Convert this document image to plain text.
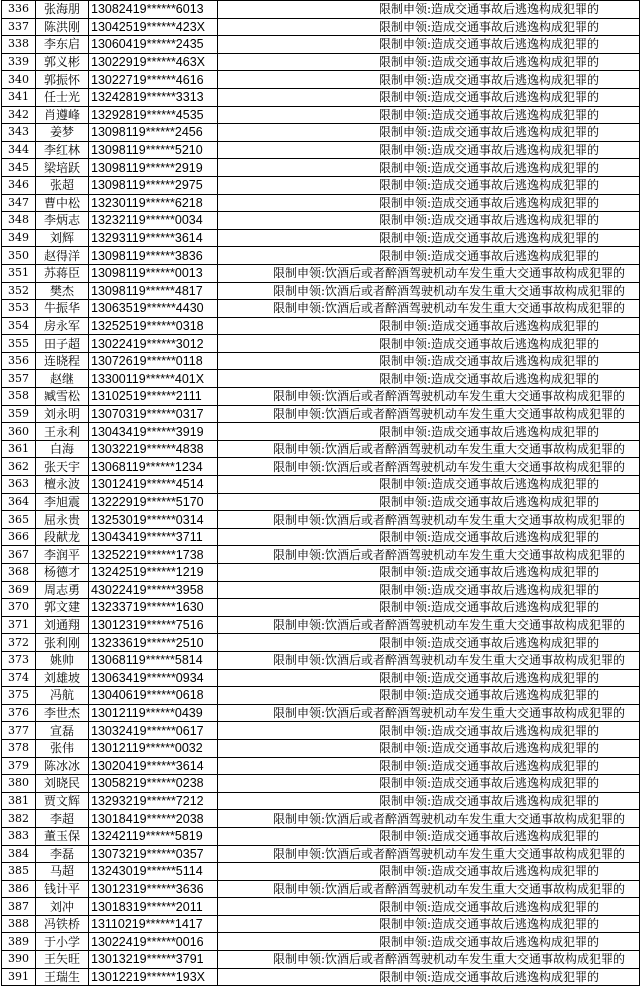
336	张海朋	13082419******6013	限制申领:造成交通事故后逃逸构成犯罪的
337	陈洪刚	13042519******423X	限制申领:造成交通事故后逃逸构成犯罪的
338	李东启	13060419******2435	限制申领:造成交通事故后逃逸构成犯罪的
339	郭义彬	13022919******463X	限制申领:造成交通事故后逃逸构成犯罪的
340	郭振怀	13022719******4616	限制申领:造成交通事故后逃逸构成犯罪的
341	任士光	13242819******3313	限制申领:造成交通事故后逃逸构成犯罪的
342	肖遵峰	13292819******4535	限制申领:造成交通事故后逃逸构成犯罪的
343	姜梦	13098119******2456	限制申领:造成交通事故后逃逸构成犯罪的
344	李红林	13098119******5210	限制申领:造成交通事故后逃逸构成犯罪的
345	梁培跃	13098119******2919	限制申领:造成交通事故后逃逸构成犯罪的
346	张超	13098119******2975	限制申领:造成交通事故后逃逸构成犯罪的
347	曹中松	13230119******6218	限制申领:造成交通事故后逃逸构成犯罪的
348	李炳志	13232119******0034	限制申领:造成交通事故后逃逸构成犯罪的
349	刘辉	13293119******3614	限制申领:造成交通事故后逃逸构成犯罪的
350	赵得洋	13098119******3836	限制申领:造成交通事故后逃逸构成犯罪的
351	苏蒋臣	13098119******0013	限制申领:饮酒后或者醉酒驾驶机动车发生重大交通事故构成犯罪的
352	樊杰	13098119******4817	限制申领:饮酒后或者醉酒驾驶机动车发生重大交通事故构成犯罪的
353	牛振华	13063519******4430	限制申领:饮酒后或者醉酒驾驶机动车发生重大交通事故构成犯罪的
354	房永军	13252519******0318	限制申领:造成交通事故后逃逸构成犯罪的
355	田子超	13022419******3012	限制申领:造成交通事故后逃逸构成犯罪的
356	连晓程	13072619******0118	限制申领:造成交通事故后逃逸构成犯罪的
357	赵继	13300119******401X	限制申领:造成交通事故后逃逸构成犯罪的
358	臧雪松	13102519******2111	限制申领:饮酒后或者醉酒驾驶机动车发生重大交通事故构成犯罪的
359	刘永明	13070319******0317	限制申领:饮酒后或者醉酒驾驶机动车发生重大交通事故构成犯罪的
360	王永利	13043419******3919	限制申领:造成交通事故后逃逸构成犯罪的
361	白海	13032219******4838	限制申领:饮酒后或者醉酒驾驶机动车发生重大交通事故构成犯罪的
362	张天宇	13068119******1234	限制申领:饮酒后或者醉酒驾驶机动车发生重大交通事故构成犯罪的
363	檀永波	13012419******4514	限制申领:造成交通事故后逃逸构成犯罪的
364	李旭震	13222919******5170	限制申领:造成交通事故后逃逸构成犯罪的
365	屈永贵	13253019******0314	限制申领:饮酒后或者醉酒驾驶机动车发生重大交通事故构成犯罪的
366	段献龙	13043419******3711	限制申领:造成交通事故后逃逸构成犯罪的
367	李润平	13252219******1738	限制申领:饮酒后或者醉酒驾驶机动车发生重大交通事故构成犯罪的
368	杨德才	13242519******1219	限制申领:造成交通事故后逃逸构成犯罪的
369	周志勇	43022419******3958	限制申领:造成交通事故后逃逸构成犯罪的
370	郭文建	13233719******1630	限制申领:造成交通事故后逃逸构成犯罪的
371	刘通翔	13012319******7516	限制申领:饮酒后或者醉酒驾驶机动车发生重大交通事故构成犯罪的
372	张利刚	13233619******2510	限制申领:造成交通事故后逃逸构成犯罪的
373	姚帅	13068119******5814	限制申领:饮酒后或者醉酒驾驶机动车发生重大交通事故构成犯罪的
374	刘雄坡	13063419******0934	限制申领:造成交通事故后逃逸构成犯罪的
375	冯航	13040619******0618	限制申领:造成交通事故后逃逸构成犯罪的
376	李世杰	13012119******0439	限制申领:饮酒后或者醉酒驾驶机动车发生重大交通事故构成犯罪的
377	宣磊	13032419******0617	限制申领:造成交通事故后逃逸构成犯罪的
378	张伟	13012119******0032	限制申领:造成交通事故后逃逸构成犯罪的
379	陈冰冰	13020419******3614	限制申领:造成交通事故后逃逸构成犯罪的
380	刘晓民	13058219******0238	限制申领:造成交通事故后逃逸构成犯罪的
381	贾文辉	13293219******7212	限制申领:造成交通事故后逃逸构成犯罪的
382	李超	13018419******2038	限制申领:饮酒后或者醉酒驾驶机动车发生重大交通事故构成犯罪的
383	董玉保	13242119******5819	限制申领:造成交通事故后逃逸构成犯罪的
384	李磊	13073219******0357	限制申领:饮酒后或者醉酒驾驶机动车发生重大交通事故构成犯罪的
385	马超	13243019******5114	限制申领:造成交通事故后逃逸构成犯罪的
386	钱计平	13012319******3636	限制申领:饮酒后或者醉酒驾驶机动车发生重大交通事故构成犯罪的
387	刘冲	13018319******2011	限制申领:造成交通事故后逃逸构成犯罪的
388	冯铁桥	13110219******1417	限制申领:造成交通事故后逃逸构成犯罪的
389	于小学	13022419******0016	限制申领:造成交通事故后逃逸构成犯罪的
390	王矢旺	13013219******3791	限制申领:饮酒后或者醉酒驾驶机动车发生重大交通事故构成犯罪的
391	王瑞生	13012219******193X	限制申领:造成交通事故后逃逸构成犯罪的
